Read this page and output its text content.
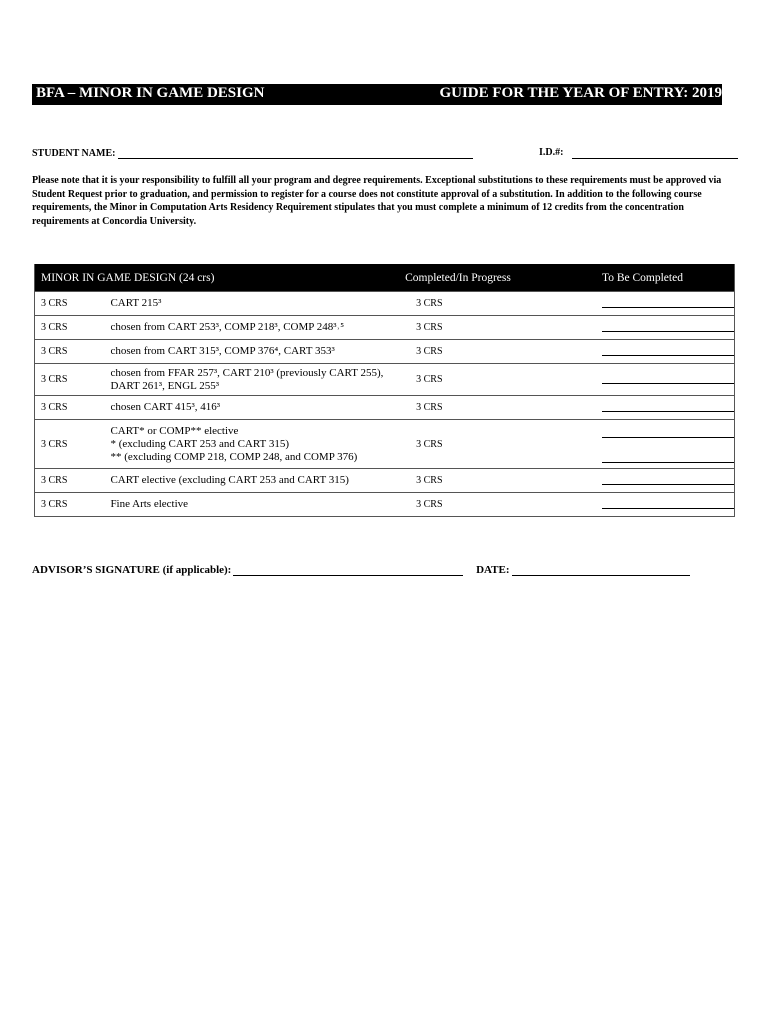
BFA – MINOR IN GAME DESIGN	GUIDE FOR THE YEAR OF ENTRY: 2019
STUDENT NAME:	I.D.#:
Please note that it is your responsibility to fulfill all your program and degree requirements. Exceptional substitutions to these requirements must be approved via Student Request prior to graduation, and permission to register for a course does not constitute approval of a substitution. In addition to the following course requirements, the Minor in Computation Arts Residency Requirement stipulates that you must complete a minimum of 12 credits from the concentration requirements at Concordia University.
MINOR IN GAME DESIGN (24 crs)		Completed/In Progress	To Be Completed
3 CRS	CART 215³	3 CRS	

3 CRS	chosen from CART 253³, COMP 218³, COMP 248³˒⁵	3 CRS	

3 CRS	chosen from CART 315³, COMP 376⁴, CART 353³	3 CRS	

3 CRS	chosen from FFAR 257³, CART 210³ (previously CART 255), DART 261³, ENGL 255³	3 CRS	

3 CRS	chosen CART 415³, 416³	3 CRS	

3 CRS	CART* or COMP** elective
* (excluding CART 253 and CART 315)
** (excluding COMP 218, COMP 248, and COMP 376)	3 CRS	

3 CRS	CART elective (excluding CART 253 and CART 315)	3 CRS	

3 CRS	Fine Arts elective	3 CRS	
ADVISOR’S SIGNATURE (if applicable):	DATE:
